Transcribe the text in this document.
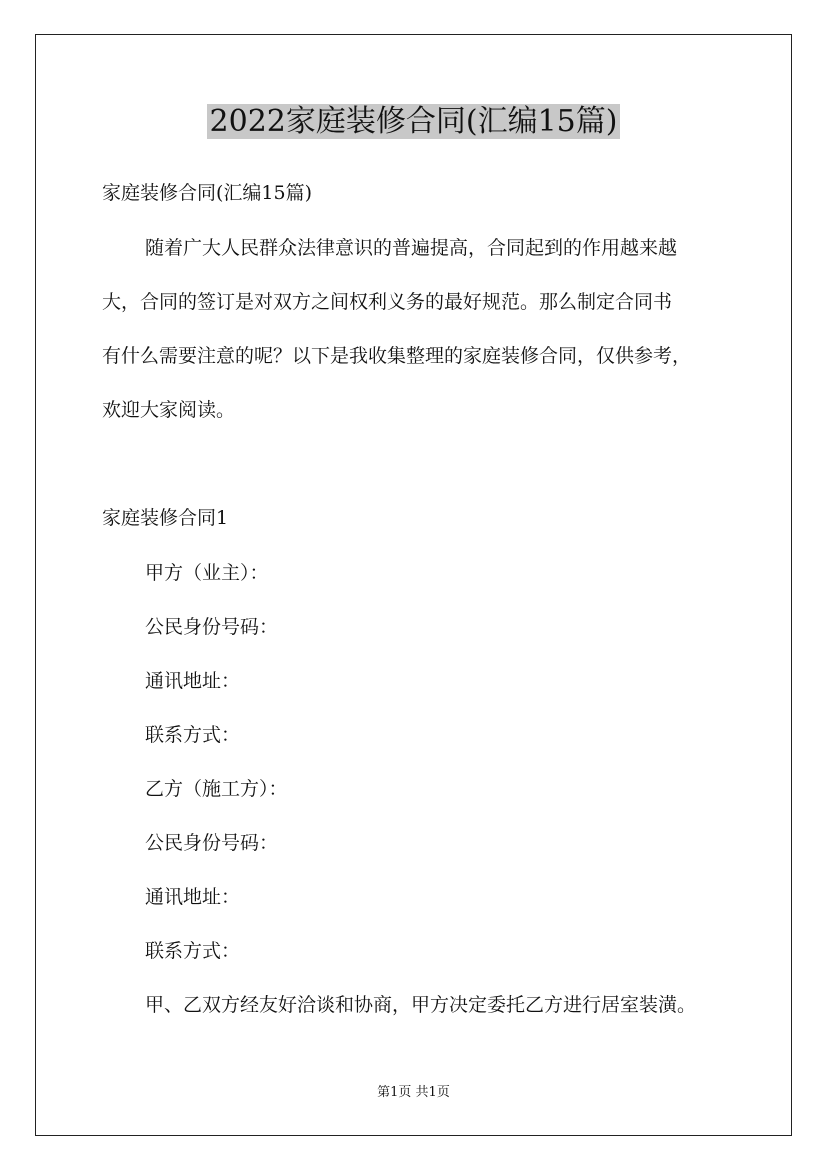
2022家庭装修合同(汇编15篇)
家庭装修合同(汇编15篇)
随着广大人民群众法律意识的普遍提高，合同起到的作用越来越
大，合同的签订是对双方之间权利义务的最好规范。那么制定合同书
有什么需要注意的呢？以下是我收集整理的家庭装修合同，仅供参考，
欢迎大家阅读。
家庭装修合同1
甲方（业主）：
公民身份号码：
通讯地址：
联系方式：
乙方（施工方）：
公民身份号码：
通讯地址：
联系方式：
甲、乙双方经友好洽谈和协商，甲方决定委托乙方进行居室装潢。
第1页 共1页
